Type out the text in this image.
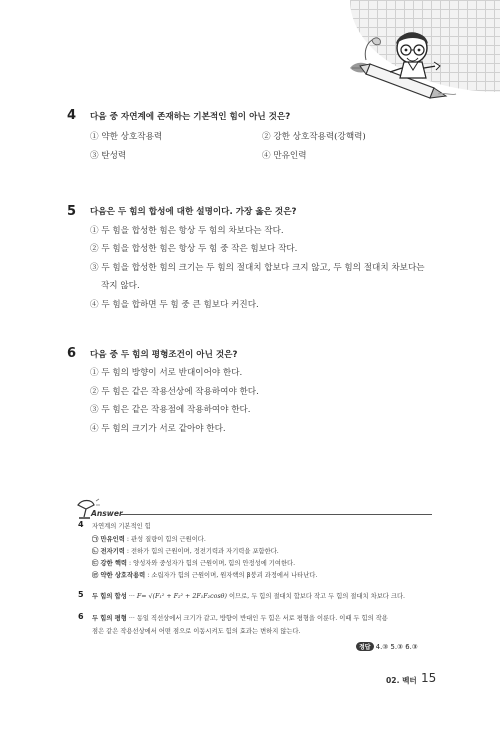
4 다음 중 자연계에 존재하는 기본적인 힘이 아닌 것은?
① 약한 상호작용력	② 강한 상호작용력(강핵력)
③ 탄성력	④ 만유인력
5 다음은 두 힘의 합성에 대한 설명이다. 가장 옳은 것은?
① 두 힘을 합성한 힘은 항상 두 힘의 차보다는 작다.
② 두 힘을 합성한 힘은 항상 두 힘 중 작은 힘보다 작다.
③ 두 힘을 합성한 힘의 크기는 두 힘의 절대치 합보다 크지 않고, 두 힘의 절대치 차보다는
작지 않다.
④ 두 힘을 합하면 두 힘 중 큰 힘보다 커진다.
6 다음 중 두 힘의 평형조건이 아닌 것은?
① 두 힘의 방향이 서로 반대이어야 한다.
② 두 힘은 같은 작용선상에 작용하여야 한다.
③ 두 힘은 같은 작용점에 작용하여야 한다.
④ 두 힘의 크기가 서로 같아야 한다.
Answer
4 자연계의 기본적인 힘
㉠ 만유인력 : 관성 질량이 힘의 근원이다.
㉡ 전자기력 : 전하가 힘의 근원이며, 정전기력과 자기력을 포함한다.
㉢ 강한 핵력 : 양성자와 중성자가 힘의 근원이며, 힘의 안정성에 기여한다.
㉣ 약한 상호작용력 : 소립자가 힘의 근원이며, 원자핵의 β붕괴 과정에서 나타난다.
5 두 힘의 합성 ··· F= √(F₁² + F₂² + 2F₁F₂cosθ) 이므로, 두 힘의 절대치 합보다 작고 두 힘의 절대치 차보다 크다.
6 두 힘의 평형 ··· 동일 직선상에서 크기가 같고, 방향이 반대인 두 힘은 서로 평형을 이룬다. 이때 두 힘의 작용
점은 같은 작용선상에서 어떤 점으로 이동시켜도 힘의 효과는 변하지 않는다.
정답 4.③ 5.③ 6.③
02. 벡터 15
